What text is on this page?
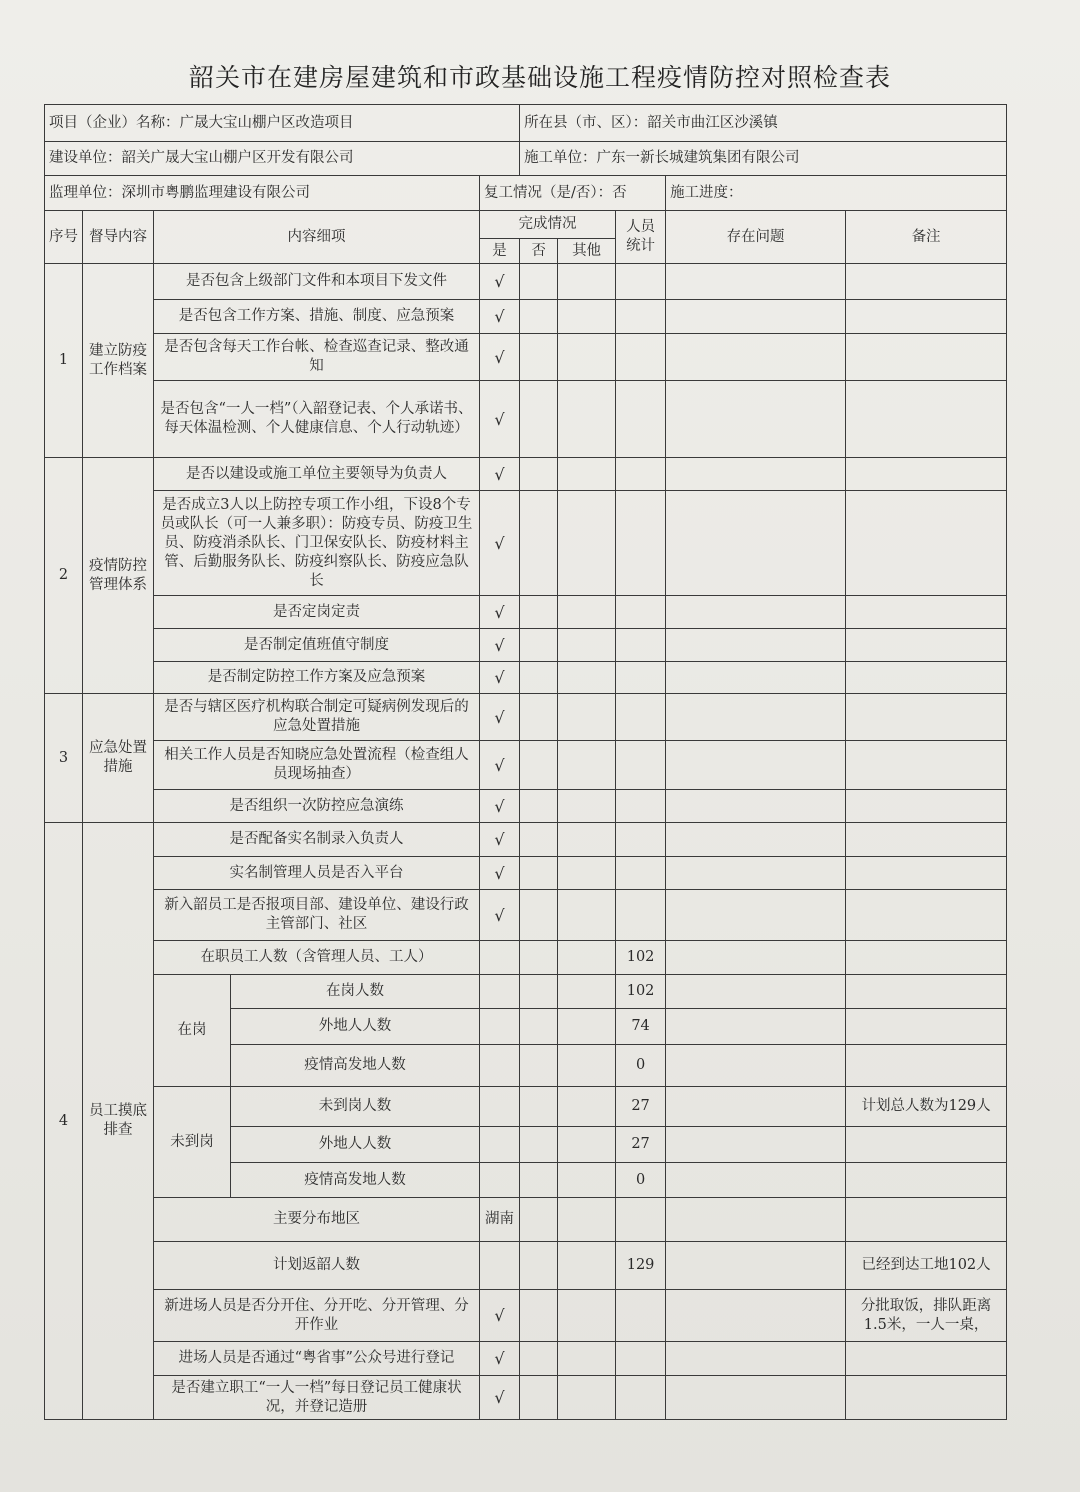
韶关市在建房屋建筑和市政基础设施工程疫情防控对照检查表
项目（企业）名称：广晟大宝山棚户区改造项目					所在县（市、区）：韶关市曲江区沙溪镇				
建设单位：韶关广晟大宝山棚户区开发有限公司					施工单位：广东一新长城建筑集团有限公司				
监理单位：深圳市粤鹏监理建设有限公司				复工情况（是/否）：否				施工进度：	
序号	督导内容	内容细项		完成情况			人员统计	存在问题	备注
				是	否	其他			
1	建立防疫工作档案	是否包含上级部门文件和本项目下发文件		√					
		是否包含工作方案、措施、制度、应急预案		√					
		是否包含每天工作台帐、检查巡查记录、整改通知		√					
		是否包含“一人一档”（入韶登记表、个人承诺书、每天体温检测、个人健康信息、个人行动轨迹）		√					
2	疫情防控管理体系	是否以建设或施工单位主要领导为负责人		√					
		是否成立3人以上防控专项工作小组，下设8个专员或队长（可一人兼多职）：防疫专员、防疫卫生员、防疫消杀队长、门卫保安队长、防疫材料主管、后勤服务队长、防疫纠察队长、防疫应急队长		√					
		是否定岗定责		√					
		是否制定值班值守制度		√					
		是否制定防控工作方案及应急预案		√					
3	应急处置措施	是否与辖区医疗机构联合制定可疑病例发现后的应急处置措施		√					
		相关工作人员是否知晓应急处置流程（检查组人员现场抽查）		√					
		是否组织一次防控应急演练		√					
4	员工摸底排查	是否配备实名制录入负责人		√					
		实名制管理人员是否入平台		√					
		新入韶员工是否报项目部、建设单位、建设行政主管部门、社区		√					
		在职员工人数（含管理人员、工人）					102		
		在岗	在岗人数				102		
			外地人人数				74		
			疫情高发地人数				0		
		未到岗	未到岗人数				27		计划总人数为129人
			外地人人数				27		
			疫情高发地人数				0		
		主要分布地区		湖南					
		计划返韶人数					129		已经到达工地102人
		新进场人员是否分开住、分开吃、分开管理、分开作业		√					分批取饭，排队距离1.5米，一人一桌，
		进场人员是否通过“粤省事”公众号进行登记		√					
		是否建立职工“一人一档”每日登记员工健康状况，并登记造册		√					
